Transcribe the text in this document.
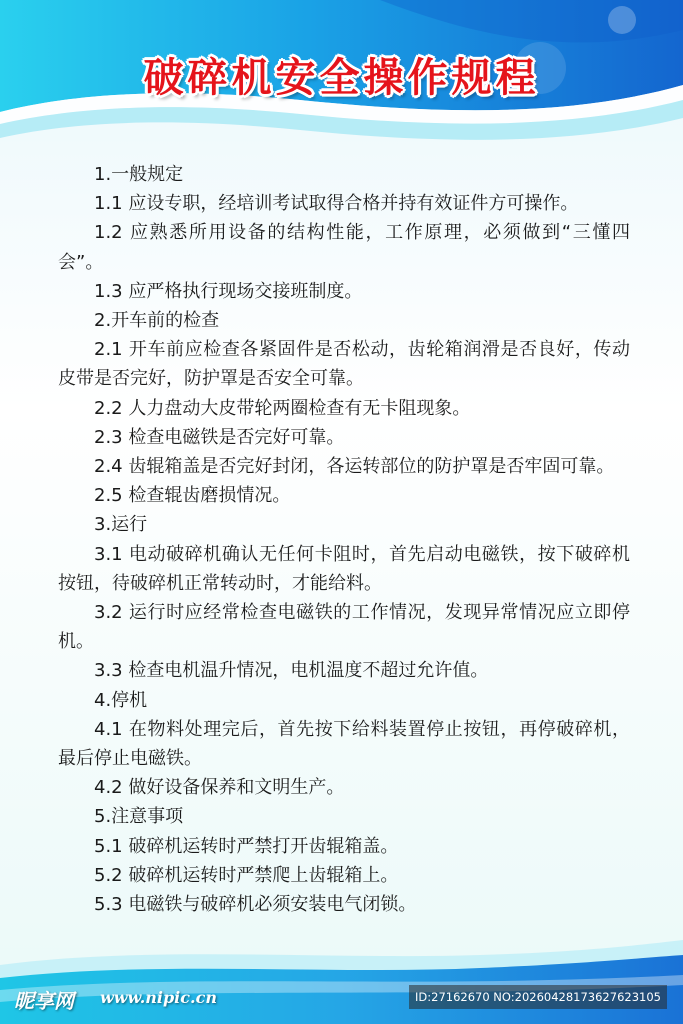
破碎机安全操作规程

1.一般规定

1.1 应设专职，经培训考试取得合格并持有效证件方可操作。

1.2 应熟悉所用设备的结构性能，工作原理，必须做到“三懂四会”。

1.3 应严格执行现场交接班制度。

2.开车前的检查

2.1 开车前应检查各紧固件是否松动，齿轮箱润滑是否良好，传动皮带是否完好，防护罩是否安全可靠。

2.2 人力盘动大皮带轮两圈检查有无卡阻现象。

2.3 检查电磁铁是否完好可靠。

2.4 齿辊箱盖是否完好封闭，各运转部位的防护罩是否牢固可靠。

2.5 检查辊齿磨损情况。

3.运行

3.1 电动破碎机确认无任何卡阻时，首先启动电磁铁，按下破碎机按钮，待破碎机正常转动时，才能给料。

3.2 运行时应经常检查电磁铁的工作情况，发现异常情况应立即停机。

3.3 检查电机温升情况，电机温度不超过允许值。

4.停机

4.1 在物料处理完后，首先按下给料装置停止按钮，再停破碎机，最后停止电磁铁。

4.2 做好设备保养和文明生产。

5.注意事项

5.1 破碎机运转时严禁打开齿辊箱盖。

5.2 破碎机运转时严禁爬上齿辊箱上。

5.3 电磁铁与破碎机必须安装电气闭锁。

昵享网 www.nipic.cn	ID:27162670 NO:20260428173627623105
